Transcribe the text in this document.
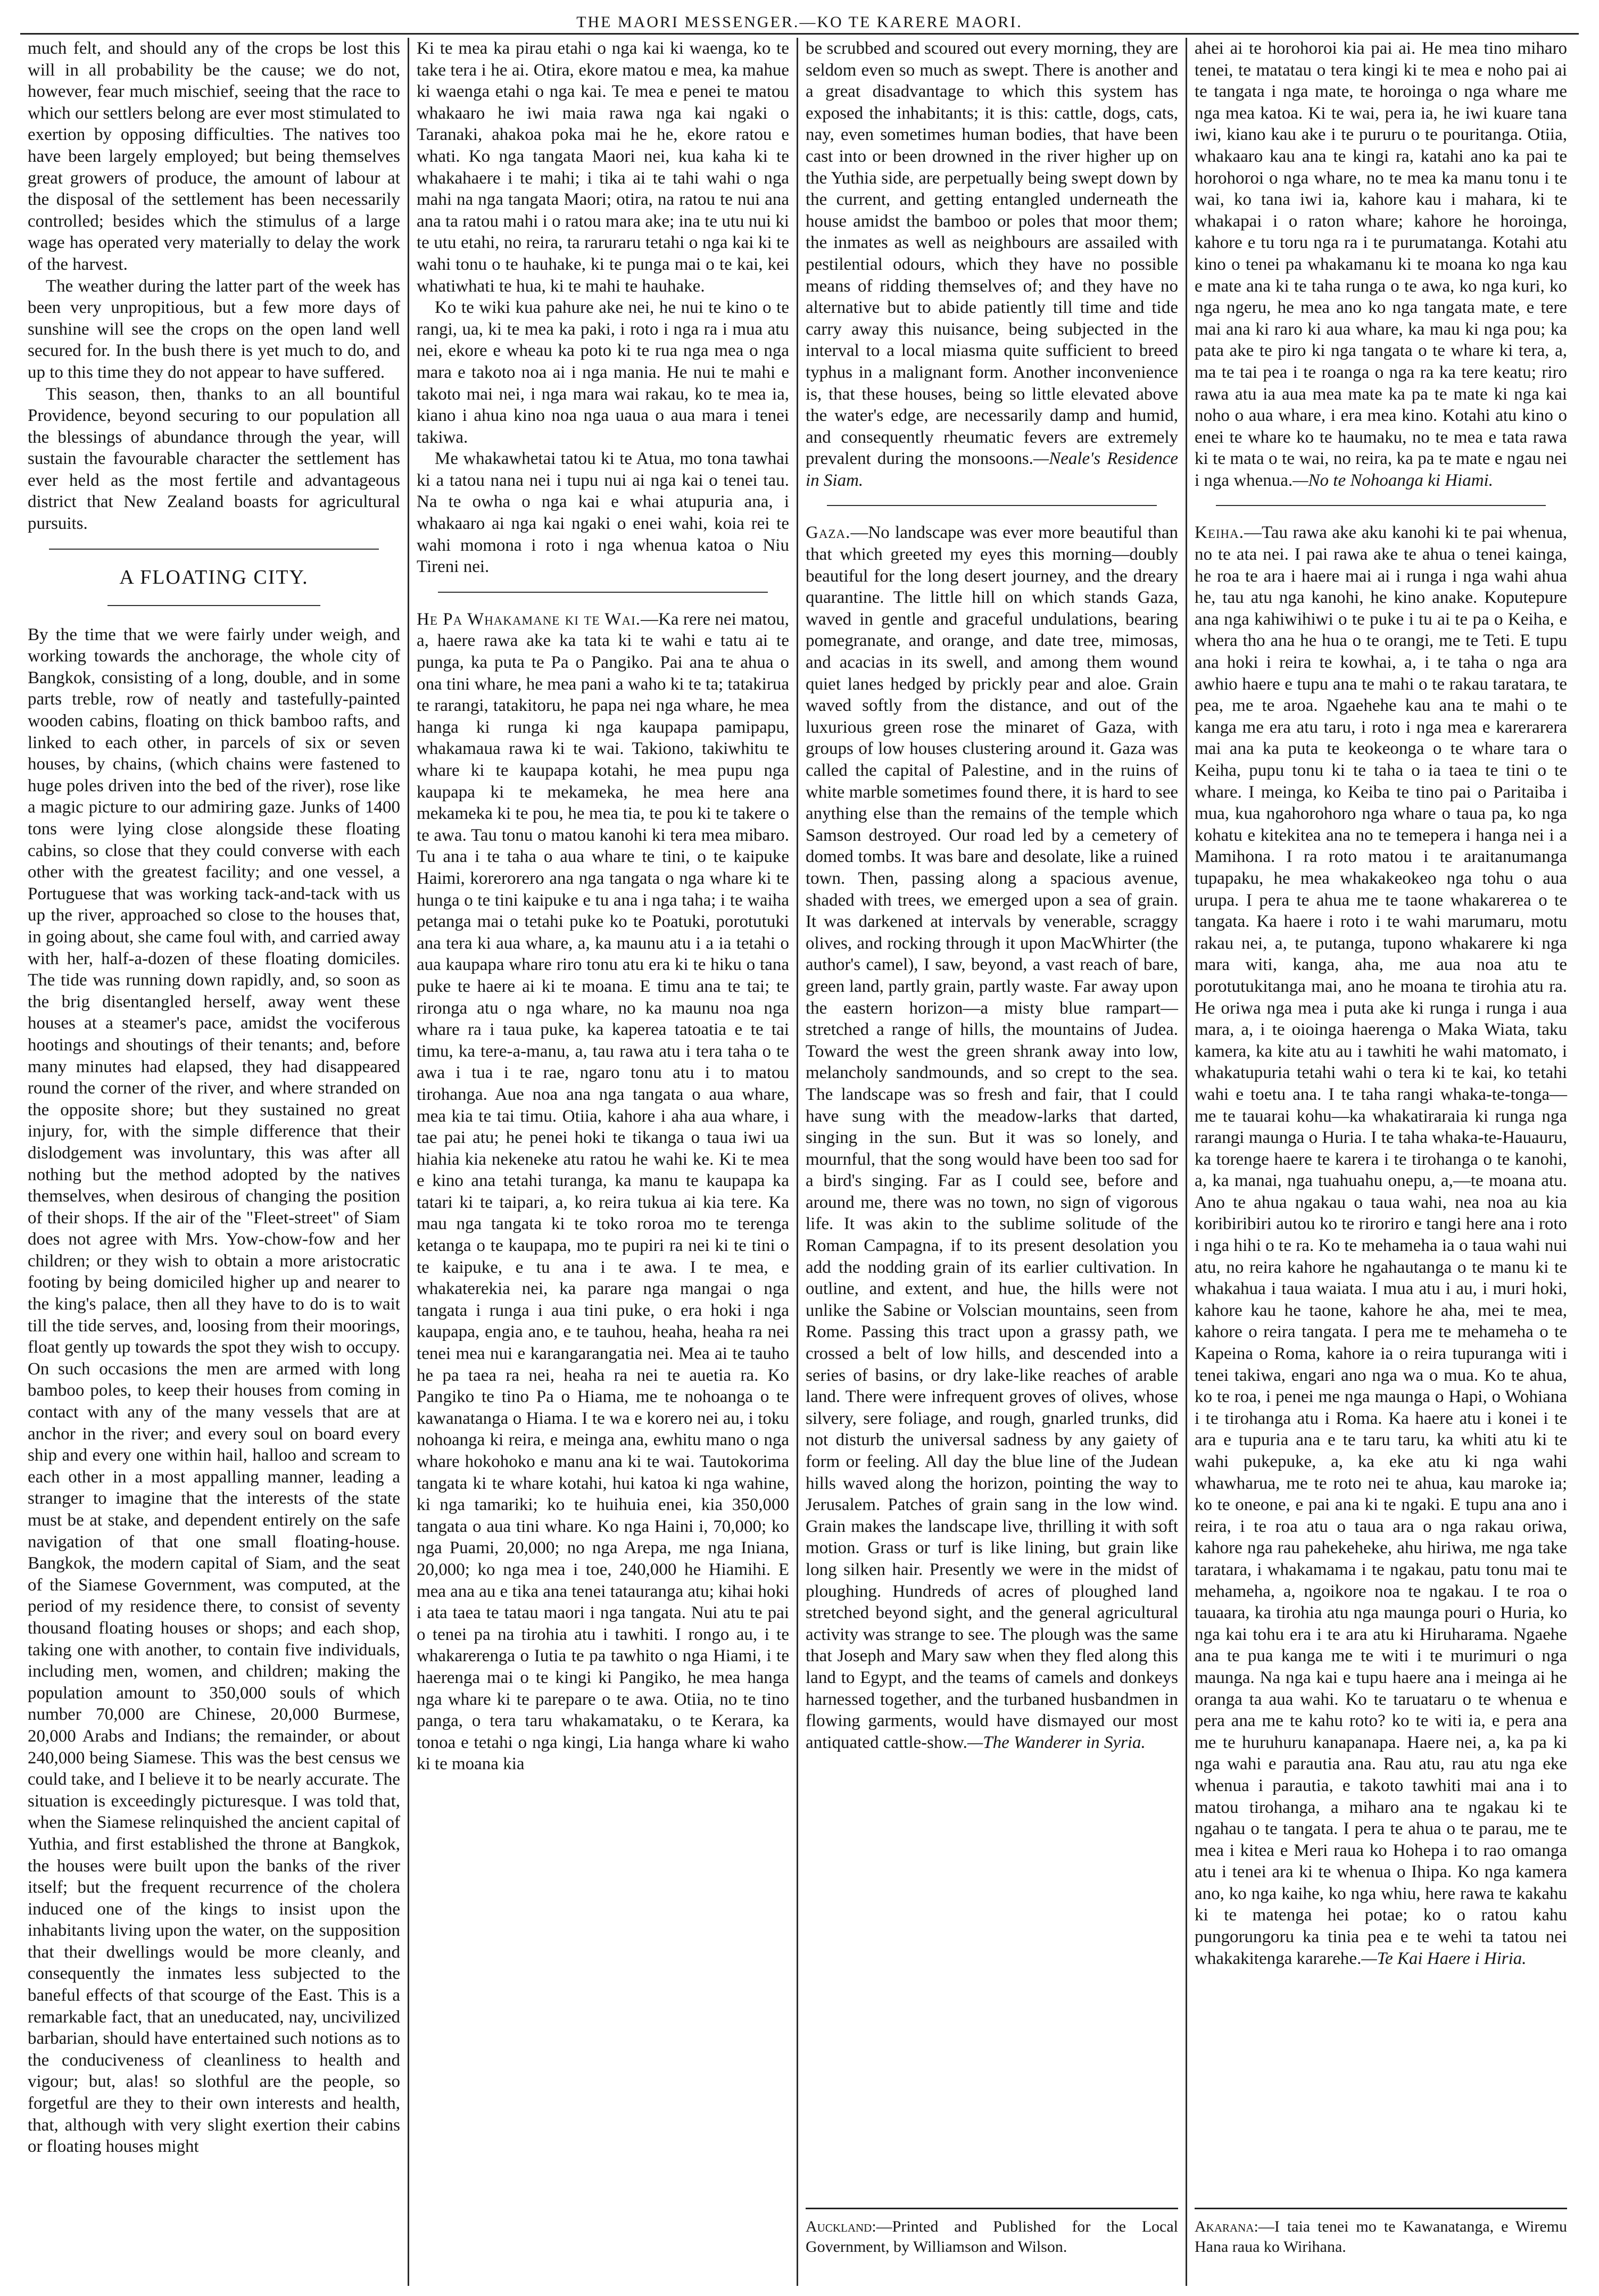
THE MAORI MESSENGER.—KO TE KARERE MAORI.

much felt, and should any of the crops be lost this will in all probability be the cause; we do not, however, fear much mischief, seeing that the race to which our settlers belong are ever most stimulated to exertion by opposing difficulties. The natives too have been largely employed; but being themselves great growers of produce, the amount of labour at the disposal of the settlement has been necessarily controlled; besides which the stimulus of a large wage has operated very materially to delay the work of the harvest.

The weather during the latter part of the week has been very unpropitious, but a few more days of sunshine will see the crops on the open land well secured for. In the bush there is yet much to do, and up to this time they do not appear to have suffered.

This season, then, thanks to an all bountiful Providence, beyond securing to our population all the blessings of abundance through the year, will sustain the favourable character the settlement has ever held as the most fertile and advantageous district that New Zealand boasts for agricultural pursuits.

A FLOATING CITY.

By the time that we were fairly under weigh, and working towards the anchorage, the whole city of Bangkok, consisting of a long, double, and in some parts treble, row of neatly and tastefully-painted wooden cabins, floating on thick bamboo rafts, and linked to each other, in parcels of six or seven houses, by chains, (which chains were fastened to huge poles driven into the bed of the river), rose like a magic picture to our admiring gaze. Junks of 1400 tons were lying close alongside these floating cabins, so close that they could converse with each other with the greatest facility; and one vessel, a Portuguese that was working tack-and-tack with us up the river, approached so close to the houses that, in going about, she came foul with, and carried away with her, half-a-dozen of these floating domiciles. The tide was running down rapidly, and, so soon as the brig disentangled herself, away went these houses at a steamer's pace, amidst the vociferous hootings and shoutings of their tenants; and, before many minutes had elapsed, they had disappeared round the corner of the river, and where stranded on the opposite shore; but they sustained no great injury, for, with the simple difference that their dislodgement was involuntary, this was after all nothing but the method adopted by the natives themselves, when desirous of changing the position of their shops. If the air of the "Fleet-street" of Siam does not agree with Mrs. Yow-chow-fow and her children; or they wish to obtain a more aristocratic footing by being domiciled higher up and nearer to the king's palace, then all they have to do is to wait till the tide serves, and, loosing from their moorings, float gently up towards the spot they wish to occupy. On such occasions the men are armed with long bamboo poles, to keep their houses from coming in contact with any of the many vessels that are at anchor in the river; and every soul on board every ship and every one within hail, halloo and scream to each other in a most appalling manner, leading a stranger to imagine that the interests of the state must be at stake, and dependent entirely on the safe navigation of that one small floating-house. Bangkok, the modern capital of Siam, and the seat of the Siamese Government, was computed, at the period of my residence there, to consist of seventy thousand floating houses or shops; and each shop, taking one with another, to contain five individuals, including men, women, and children; making the population amount to 350,000 souls of which number 70,000 are Chinese, 20,000 Burmese, 20,000 Arabs and Indians; the remainder, or about 240,000 being Siamese. This was the best census we could take, and I believe it to be nearly accurate. The situation is exceedingly picturesque. I was told that, when the Siamese relinquished the ancient capital of Yuthia, and first established the throne at Bangkok, the houses were built upon the banks of the river itself; but the frequent recurrence of the cholera induced one of the kings to insist upon the inhabitants living upon the water, on the supposition that their dwellings would be more cleanly, and consequently the inmates less subjected to the baneful effects of that scourge of the East. This is a remarkable fact, that an uneducated, nay, uncivilized barbarian, should have entertained such notions as to the conduciveness of cleanliness to health and vigour; but, alas! so slothful are the people, so forgetful are they to their own interests and health, that, although with very slight exertion their cabins or floating houses might

Ki te mea ka pirau etahi o nga kai ki waenga, ko te take tera i he ai. Otira, ekore matou e mea, ka mahue ki waenga etahi o nga kai. Te mea e penei te matou whakaaro he iwi maia rawa nga kai ngaki o Taranaki, ahakoa poka mai he he, ekore ratou e whati. Ko nga tangata Maori nei, kua kaha ki te whakahaere i te mahi; i tika ai te tahi wahi o nga mahi na nga tangata Maori; otira, na ratou te nui ana ana ta ratou mahi i o ratou mara ake; ina te utu nui ki te utu etahi, no reira, ta raruraru tetahi o nga kai ki te wahi tonu o te hauhake, ki te punga mai o te kai, kei whatiwhati te hua, ki te mahi te hauhake.

Ko te wiki kua pahure ake nei, he nui te kino o te rangi, ua, ki te mea ka paki, i roto i nga ra i mua atu nei, ekore e wheau ka poto ki te rua nga mea o nga mara e takoto noa ai i nga mania. He nui te mahi e takoto mai nei, i nga mara wai rakau, ko te mea ia, kiano i ahua kino noa nga uaua o aua mara i tenei takiwa.

Me whakawhetai tatou ki te Atua, mo tona tawhai ki a tatou nana nei i tupu nui ai nga kai o tenei tau. Na te owha o nga kai e whai atupuria ana, i whakaaro ai nga kai ngaki o enei wahi, koia rei te wahi momona i roto i nga whenua katoa o Niu Tireni nei.

He Pa Whakamane ki te Wai.—Ka rere nei matou, a, haere rawa ake ka tata ki te wahi e tatu ai te punga, ka puta te Pa o Pangiko. Pai ana te ahua o ona tini whare, he mea pani a waho ki te ta; tatakirua te rarangi, tatakitoru, he papa nei nga whare, he mea hanga ki runga ki nga kaupapa pamipapu, whakamaua rawa ki te wai. Takiono, takiwhitu te whare ki te kaupapa kotahi, he mea pupu nga kaupapa ki te mekameka, he mea here ana mekameka ki te pou, he mea tia, te pou ki te takere o te awa. Tau tonu o matou kanohi ki tera mea mibaro. Tu ana i te taha o aua whare te tini, o te kaipuke Haimi, korerorero ana nga tangata o nga whare ki te hunga o te tini kaipuke e tu ana i nga taha; i te waiha petanga mai o tetahi puke ko te Poatuki, porotutuki ana tera ki aua whare, a, ka maunu atu i a ia tetahi o aua kaupapa whare riro tonu atu era ki te hiku o tana puke te haere ai ki te moana. E timu ana te tai; te rironga atu o nga whare, no ka maunu noa nga whare ra i taua puke, ka kaperea tatoatia e te tai timu, ka tere-a-manu, a, tau rawa atu i tera taha o te awa i tua i te rae, ngaro tonu atu i to matou tirohanga. Aue noa ana nga tangata o aua whare, mea kia te tai timu. Otiia, kahore i aha aua whare, i tae pai atu; he penei hoki te tikanga o taua iwi ua hiahia kia nekeneke atu ratou he wahi ke. Ki te mea e kino ana tetahi turanga, ka manu te kaupapa ka tatari ki te taipari, a, ko reira tukua ai kia tere. Ka mau nga tangata ki te toko roroa mo te terenga ketanga o te kaupapa, mo te pupiri ra nei ki te tini o te kaipuke, e tu ana i te awa. I te mea, e whakaterekia nei, ka parare nga mangai o nga tangata i runga i aua tini puke, o era hoki i nga kaupapa, engia ano, e te tauhou, heaha, heaha ra nei tenei mea nui e karangarangatia nei. Mea ai te tauho he pa taea ra nei, heaha ra nei te auetia ra. Ko Pangiko te tino Pa o Hiama, me te nohoanga o te kawanatanga o Hiama. I te wa e korero nei au, i toku nohoanga ki reira, e meinga ana, ewhitu mano o nga whare hokohoko e manu ana ki te wai. Tautokorima tangata ki te whare kotahi, hui katoa ki nga wahine, ki nga tamariki; ko te huihuia enei, kia 350,000 tangata o aua tini whare. Ko nga Haini i, 70,000; ko nga Puami, 20,000; no nga Arepa, me nga Iniana, 20,000; ko nga mea i toe, 240,000 he Hiamihi. E mea ana au e tika ana tenei tatauranga atu; kihai hoki i ata taea te tatau maori i nga tangata. Nui atu te pai o tenei pa na tirohia atu i tawhiti. I rongo au, i te whakarerenga o Iutia te pa tawhito o nga Hiami, i te haerenga mai o te kingi ki Pangiko, he mea hanga nga whare ki te parepare o te awa. Otiia, no te tino panga, o tera taru whakamataku, o te Kerara, ka tonoa e tetahi o nga kingi, Lia hanga whare ki waho ki te moana kia

be scrubbed and scoured out every morning, they are seldom even so much as swept. There is another and a great disadvantage to which this system has exposed the inhabitants; it is this: cattle, dogs, cats, nay, even sometimes human bodies, that have been cast into or been drowned in the river higher up on the Yuthia side, are perpetually being swept down by the current, and getting entangled underneath the house amidst the bamboo or poles that moor them; the inmates as well as neighbours are assailed with pestilential odours, which they have no possible means of ridding themselves of; and they have no alternative but to abide patiently till time and tide carry away this nuisance, being subjected in the interval to a local miasma quite sufficient to breed typhus in a malignant form. Another inconvenience is, that these houses, being so little elevated above the water's edge, are necessarily damp and humid, and consequently rheumatic fevers are extremely prevalent during the monsoons.—Neale's Residence in Siam.

Gaza.—No landscape was ever more beautiful than that which greeted my eyes this morning—doubly beautiful for the long desert journey, and the dreary quarantine. The little hill on which stands Gaza, waved in gentle and graceful undulations, bearing pomegranate, and orange, and date tree, mimosas, and acacias in its swell, and among them wound quiet lanes hedged by prickly pear and aloe. Grain waved softly from the distance, and out of the luxurious green rose the minaret of Gaza, with groups of low houses clustering around it. Gaza was called the capital of Palestine, and in the ruins of white marble sometimes found there, it is hard to see anything else than the remains of the temple which Samson destroyed. Our road led by a cemetery of domed tombs. It was bare and desolate, like a ruined town. Then, passing along a spacious avenue, shaded with trees, we emerged upon a sea of grain. It was darkened at intervals by venerable, scraggy olives, and rocking through it upon MacWhirter (the author's camel), I saw, beyond, a vast reach of bare, green land, partly grain, partly waste. Far away upon the eastern horizon—a misty blue rampart—stretched a range of hills, the mountains of Judea. Toward the west the green shrank away into low, melancholy sandmounds, and so crept to the sea. The landscape was so fresh and fair, that I could have sung with the meadow-larks that darted, singing in the sun. But it was so lonely, and mournful, that the song would have been too sad for a bird's singing. Far as I could see, before and around me, there was no town, no sign of vigorous life. It was akin to the sublime solitude of the Roman Campagna, if to its present desolation you add the nodding grain of its earlier cultivation. In outline, and extent, and hue, the hills were not unlike the Sabine or Volscian mountains, seen from Rome. Passing this tract upon a grassy path, we crossed a belt of low hills, and descended into a series of basins, or dry lake-like reaches of arable land. There were infrequent groves of olives, whose silvery, sere foliage, and rough, gnarled trunks, did not disturb the universal sadness by any gaiety of form or feeling. All day the blue line of the Judean hills waved along the horizon, pointing the way to Jerusalem. Patches of grain sang in the low wind. Grain makes the landscape live, thrilling it with soft motion. Grass or turf is like lining, but grain like long silken hair. Presently we were in the midst of ploughing. Hundreds of acres of ploughed land stretched beyond sight, and the general agricultural activity was strange to see. The plough was the same that Joseph and Mary saw when they fled along this land to Egypt, and the teams of camels and donkeys harnessed together, and the turbaned husbandmen in flowing garments, would have dismayed our most antiquated cattle-show.—The Wanderer in Syria.

Auckland:—Printed and Published for the Local Government, by Williamson and Wilson.

ahei ai te horohoroi kia pai ai. He mea tino miharo tenei, te matatau o tera kingi ki te mea e noho pai ai te tangata i nga mate, te horoinga o nga whare me nga mea katoa. Ki te wai, pera ia, he iwi kuare tana iwi, kiano kau ake i te pururu o te pouritanga. Otiia, whakaaro kau ana te kingi ra, katahi ano ka pai te horohoroi o nga whare, no te mea ka manu tonu i te wai, ko tana iwi ia, kahore kau i mahara, ki te whakapai i o raton whare; kahore he horoinga, kahore e tu toru nga ra i te purumatanga. Kotahi atu kino o tenei pa whakamanu ki te moana ko nga kau e mate ana ki te taha runga o te awa, ko nga kuri, ko nga ngeru, he mea ano ko nga tangata mate, e tere mai ana ki raro ki aua whare, ka mau ki nga pou; ka pata ake te piro ki nga tangata o te whare ki tera, a, ma te tai pea i te roanga o nga ra ka tere keatu; riro rawa atu ia aua mea mate ka pa te mate ki nga kai noho o aua whare, i era mea kino. Kotahi atu kino o enei te whare ko te haumaku, no te mea e tata rawa ki te mata o te wai, no reira, ka pa te mate e ngau nei i nga whenua.—No te Nohoanga ki Hiami.

Keiha.—Tau rawa ake aku kanohi ki te pai whenua, no te ata nei. I pai rawa ake te ahua o tenei kainga, he roa te ara i haere mai ai i runga i nga wahi ahua he, tau atu nga kanohi, he kino anake. Koputepure ana nga kahiwihiwi o te puke i tu ai te pa o Keiha, e whera tho ana he hua o te orangi, me te Teti. E tupu ana hoki i reira te kowhai, a, i te taha o nga ara awhio haere e tupu ana te mahi o te rakau taratara, te pea, me te aroa. Ngaehehe kau ana te mahi o te kanga me era atu taru, i roto i nga mea e karerarera mai ana ka puta te keokeonga o te whare tara o Keiha, pupu tonu ki te taha o ia taea te tini o te whare. I meinga, ko Keiba te tino pai o Paritaiba i mua, kua ngahorohoro nga whare o taua pa, ko nga kohatu e kitekitea ana no te temepera i hanga nei i a Mamihona. I ra roto matou i te araitanumanga tupapaku, he mea whakakeokeo nga tohu o aua urupa. I pera te ahua me te taone whakarerea o te tangata. Ka haere i roto i te wahi marumaru, motu rakau nei, a, te putanga, tupono whakarere ki nga mara witi, kanga, aha, me aua noa atu te porotutukitanga mai, ano he moana te tirohia atu ra. He oriwa nga mea i puta ake ki runga i runga i aua mara, a, i te oioinga haerenga o Maka Wiata, taku kamera, ka kite atu au i tawhiti he wahi matomato, i whakatupuria tetahi wahi o tera ki te kai, ko tetahi wahi e toetu ana. I te taha rangi whaka-te-tonga—me te tauarai kohu—ka whakatiraraia ki runga nga rarangi maunga o Huria. I te taha whaka-te-Hauauru, ka torenge haere te karera i te tirohanga o te kanohi, a, ka manai, nga tuahuahu onepu, a,—te moana atu. Ano te ahua ngakau o taua wahi, nea noa au kia koribiribiri autou ko te riroriro e tangi here ana i roto i nga hihi o te ra. Ko te mehameha ia o taua wahi nui atu, no reira kahore he ngahautanga o te manu ki te whakahua i taua waiata. I mua atu i au, i muri hoki, kahore kau he taone, kahore he aha, mei te mea, kahore o reira tangata. I pera me te mehameha o te Kapeina o Roma, kahore ia o reira tupuranga witi i tenei takiwa, engari ano nga wa o mua. Ko te ahua, ko te roa, i penei me nga maunga o Hapi, o Wohiana i te tirohanga atu i Roma. Ka haere atu i konei i te ara e tupuria ana e te taru taru, ka whiti atu ki te wahi pukepuke, a, ka eke atu ki nga wahi whawharua, me te roto nei te ahua, kau maroke ia; ko te oneone, e pai ana ki te ngaki. E tupu ana ano i reira, i te roa atu o taua ara o nga rakau oriwa, kahore nga rau pahekeheke, ahu hiriwa, me nga take taratara, i whakamama i te ngakau, patu tonu mai te mehameha, a, ngoikore noa te ngakau. I te roa o tauaara, ka tirohia atu nga maunga pouri o Huria, ko nga kai tohu era i te ara atu ki Hiruharama. Ngaehe ana te pua kanga me te witi i te murimuri o nga maunga. Na nga kai e tupu haere ana i meinga ai he oranga ta aua wahi. Ko te taruataru o te whenua e pera ana me te kahu roto? ko te witi ia, e pera ana me te huruhuru kanapanapa. Haere nei, a, ka pa ki nga wahi e parautia ana. Rau atu, rau atu nga eke whenua i parautia, e takoto tawhiti mai ana i to matou tirohanga, a miharo ana te ngakau ki te ngahau o te tangata. I pera te ahua o te parau, me te mea i kitea e Meri raua ko Hohepa i to rao omanga atu i tenei ara ki te whenua o Ihipa. Ko nga kamera ano, ko nga kaihe, ko nga whiu, here rawa te kakahu ki te matenga hei potae; ko o ratou kahu pungorungoru ka tinia pea e te wehi ta tatou nei whakakitenga kararehe.—Te Kai Haere i Hiria.

Akarana:—I taia tenei mo te Kawanatanga, e Wiremu Hana raua ko Wirihana.
